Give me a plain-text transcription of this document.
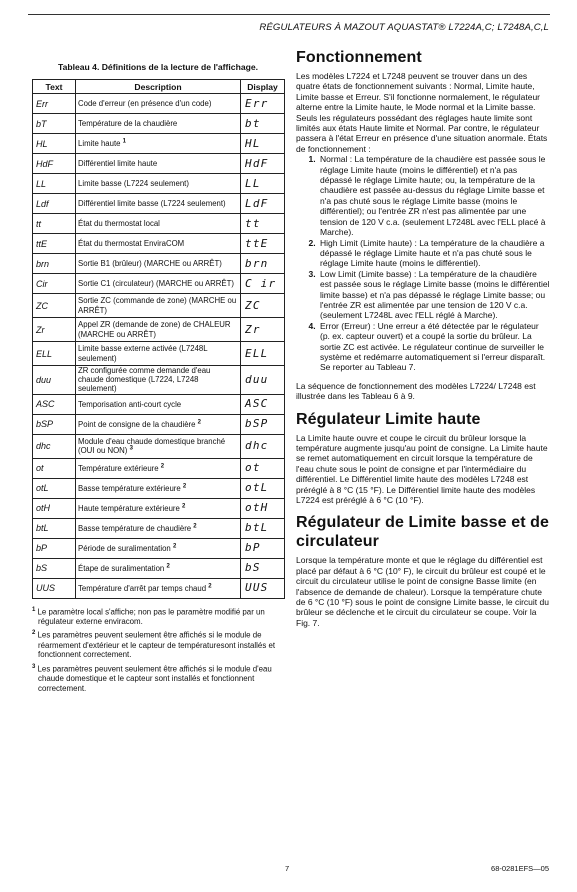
RÉGULATEURS À MAZOUT AQUASTAT® L7224A,C; L7248A,C,L
Tableau 4. Définitions de la lecture de l'affichage.
Text	Description	Display
Err	Code d'erreur (en présence d'un code)	Err
bT	Température de la chaudière	bt
HL	Limite haute $^1$	HL
HdF	Différentiel limite haute	HdF
LL	Limite basse (L7224 seulement)	LL
Ldf	Différentiel limite basse (L7224 seulement)	LdF
tt	État du thermostat local	tt
ttE	État du thermostat EnviraCOM	ttE
brn	Sortie B1 (brûleur) (MARCHE ou ARRÊT)	brn
Cir	Sortie C1 (circulateur) (MARCHE ou ARRÊT)	C ir
ZC	Sortie ZC (commande de zone) (MARCHE ou ARRÊT)	ZC
Zr	Appel ZR (demande de zone) de CHALEUR (MARCHE ou ARRÊT)	Zr
ELL	Limite basse externe activée (L7248L seulement)	ELL
duu	ZR configurée comme demande d'eau chaude domestique (L7224, L7248 seulement)	duu
ASC	Temporisation anti-court cycle	ASC
bSP	Point de consigne de la chaudière $^2$	bSP
dhc	Module d'eau chaude domestique branché (OUI ou NON) $^3$	dhc
ot	Température extérieure $^2$	ot
otL	Basse température extérieure $^2$	otL
otH	Haute température extérieure $^2$	otH
btL	Basse température de chaudière $^2$	btL
bP	Période de suralimentation $^2$	bP
bS	Étape de suralimentation $^2$	bS
UUS	Température d'arrêt par temps chaud $^2$	UUS
$^1$ Le paramètre local s'affiche; non pas le paramètre modifié par un régulateur externe enviracom.
$^2$ Les paramètres peuvent seulement être affichés si le module de réarmement d'extérieur et le capteur de températuresont installés et fonctionnent correctement.
$^3$ Les paramètres peuvent seulement être affichés si le module d'eau chaude domestique et le capteur sont installés et fonctionnent correctement.
Fonctionnement

Les modèles L7224 et L7248 peuvent se trouver dans un des quatre états de fonctionnement suivants : Normal, Limite haute, Limite basse et Erreur. S'il fonctionne normalement, le régulateur alterne entre la Limite haute, le Mode normal et la Limite basse. Seuls les régulateurs possédant des réglages haute limite sont limités aux états Haute limite et Normal. Par contre, le régulateur passera à l'état Erreur en présence d'une situation anormale. États de fonctionnement :

1. Normal : La température de la chaudière est passée sous le réglage Limite haute (moins le différentiel) et n'a pas dépassé le réglage Limite haute; ou, la température de la chaudière est passée au-dessus du réglage Limite basse et n'a pas chuté sous le réglage Limite basse (moins le différentiel); ou l'entrée ZR n'est pas alimentée par une tension de 120 V c.a. (seulement L7248L avec l'ELL placé à Marche).
2. High Limit (Limite haute) : La température de la chaudière a dépassé le réglage Limite haute et n'a pas chuté sous le réglage Limite haute (moins le différentiel).
3. Low Limit (Limite basse) : La température de la chaudière est passée sous le réglage Limite basse (moins le différentiel limite basse) et n'a pas dépassé le réglage Limite basse; ou l'entrée ZR est alimentée par une tension de 120 V c.a. (seulement L7248L avec l'ELL réglé à Marche).
4. Error (Erreur) : Une erreur a été détectée par le régulateur (p. ex. capteur ouvert) et a coupé la sortie du brûleur. La sortie ZC est activée. Le régulateur continue de surveiller le système et redémarre automatiquement si l'erreur disparaît. Se reporter au Tableau 7.

La séquence de fonctionnement des modèles L7224/ L7248 est illustrée dans les Tableau 6 à 9.

Régulateur Limite haute

La Limite haute ouvre et coupe le circuit du brûleur lorsque la température augmente jusqu'au point de consigne. La Limite haute se remet automatiquement en circuit lorsque la température de l'eau chute sous le point de consigne et par l'intermédiaire du différentiel. Le Différentiel limite haute des modèles L7248 est préréglé à 8 °C (15 °F). Le Différentiel limite haute des modèles L7224 est préréglé à 6 °C (10 °F).

Régulateur de Limite basse et de circulateur

Lorsque la température monte et que le réglage du différentiel est placé par défaut à 6 °C (10° F), le circuit du brûleur est coupé et le circuit du circulateur utilise le point de consigne Basse limite (en l'absence de demande de chaleur). Lorsque la température chute de 6 °C (10 °F) sous le point de consigne Limite basse, le circuit du brûleur se déclenche et le circuit du circulateur se coupe. Voir la Fig. 7.

7	68-0281EFS—05
